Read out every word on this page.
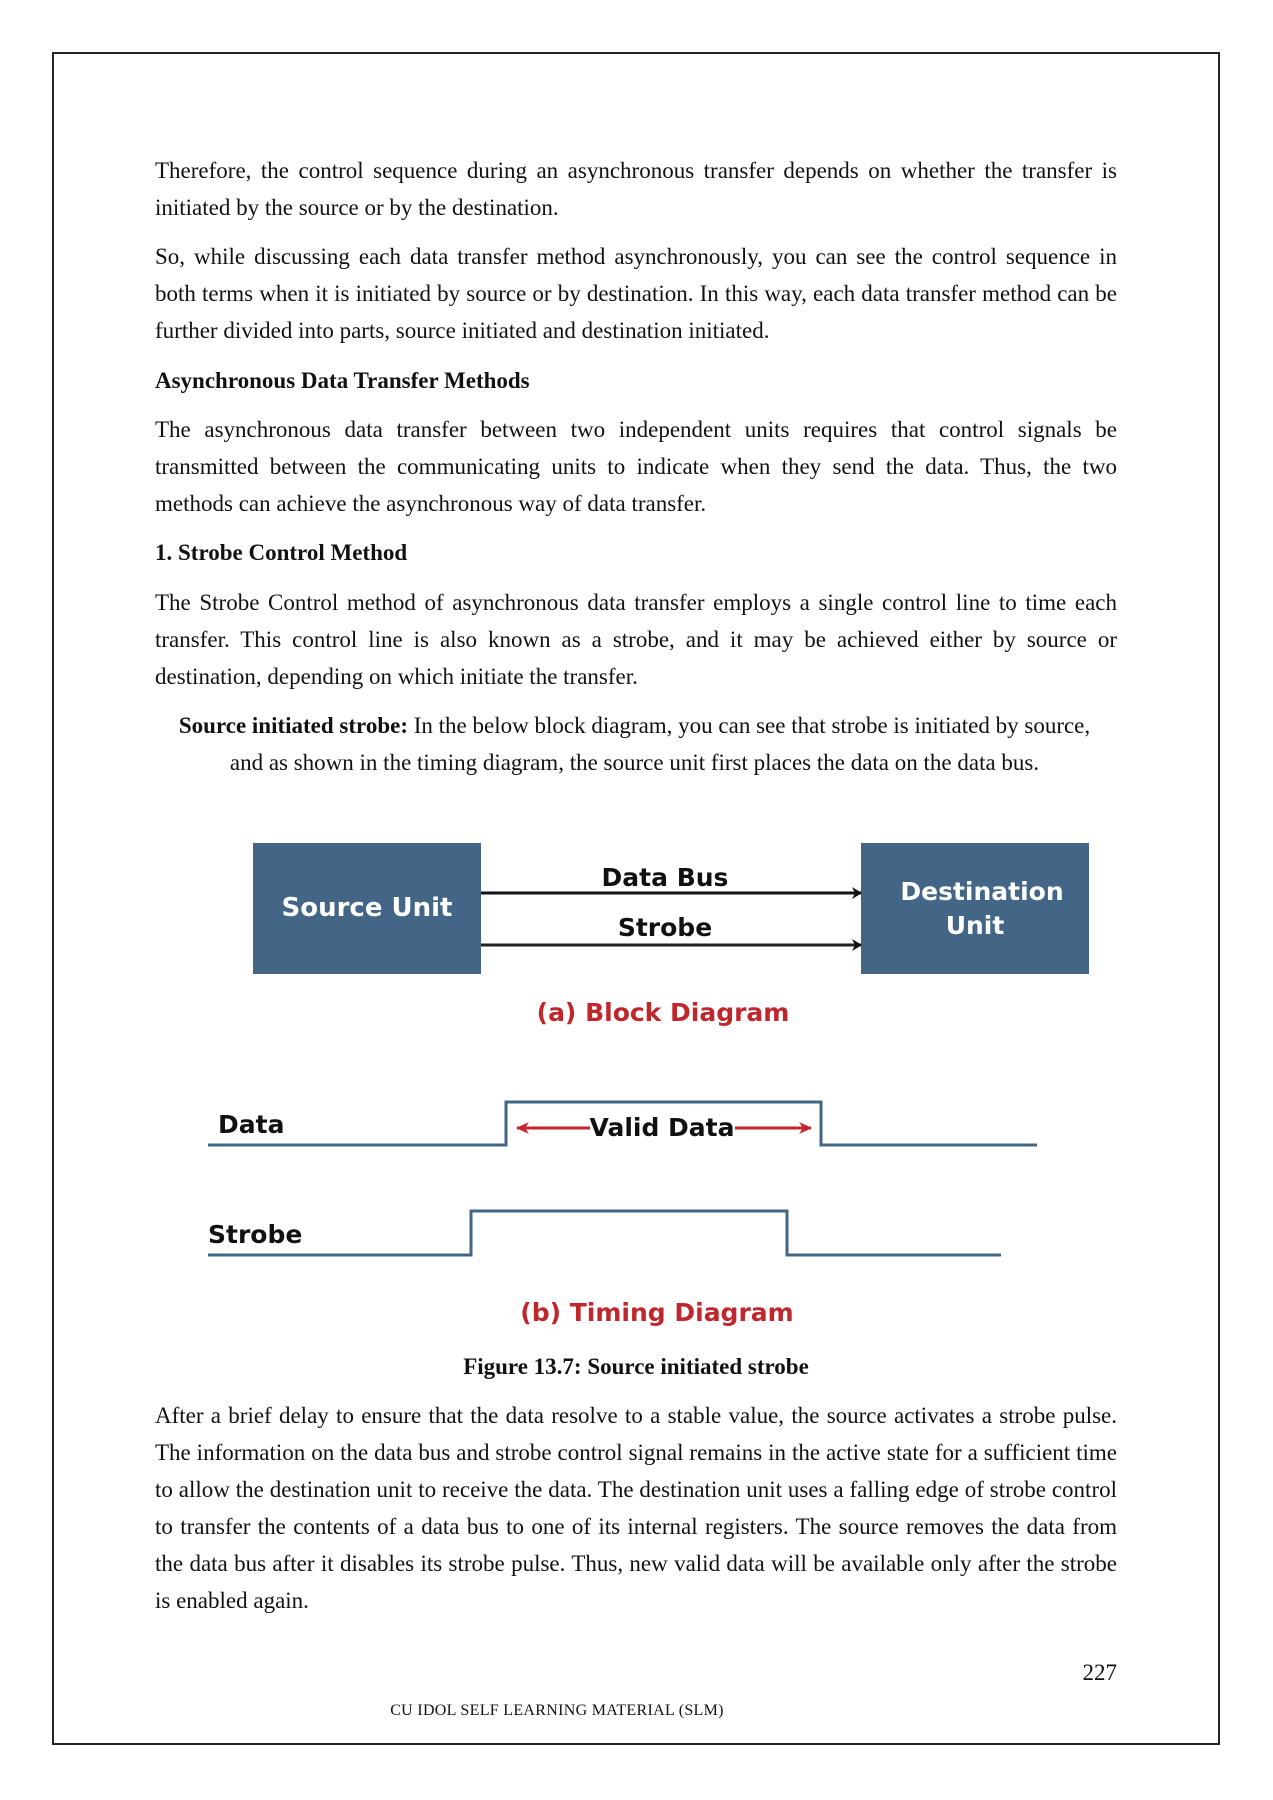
Therefore, the control sequence during an asynchronous transfer depends on whether the transfer is initiated by the source or by the destination.

So, while discussing each data transfer method asynchronously, you can see the control sequence in both terms when it is initiated by source or by destination. In this way, each data transfer method can be further divided into parts, source initiated and destination initiated.

Asynchronous Data Transfer Methods

The asynchronous data transfer between two independent units requires that control signals be transmitted between the communicating units to indicate when they send the data. Thus, the two methods can achieve the asynchronous way of data transfer.

1. Strobe Control Method

The Strobe Control method of asynchronous data transfer employs a single control line to time each transfer. This control line is also known as a strobe, and it may be achieved either by source or destination, depending on which initiate the transfer.

Source initiated strobe: In the below block diagram, you can see that strobe is initiated by source, and as shown in the timing diagram, the source unit first places the data on the data bus.

Source Unit
Destination
Unit
Data Bus
Strobe
(a) Block Diagram
Data	Valid Data
Strobe
(b) Timing Diagram
Figure 13.7: Source initiated strobe

After a brief delay to ensure that the data resolve to a stable value, the source activates a strobe pulse. The information on the data bus and strobe control signal remains in the active state for a sufficient time to allow the destination unit to receive the data. The destination unit uses a falling edge of strobe control to transfer the contents of a data bus to one of its internal registers. The source removes the data from the data bus after it disables its strobe pulse. Thus, new valid data will be available only after the strobe is enabled again.

227
CU IDOL SELF LEARNING MATERIAL (SLM)
